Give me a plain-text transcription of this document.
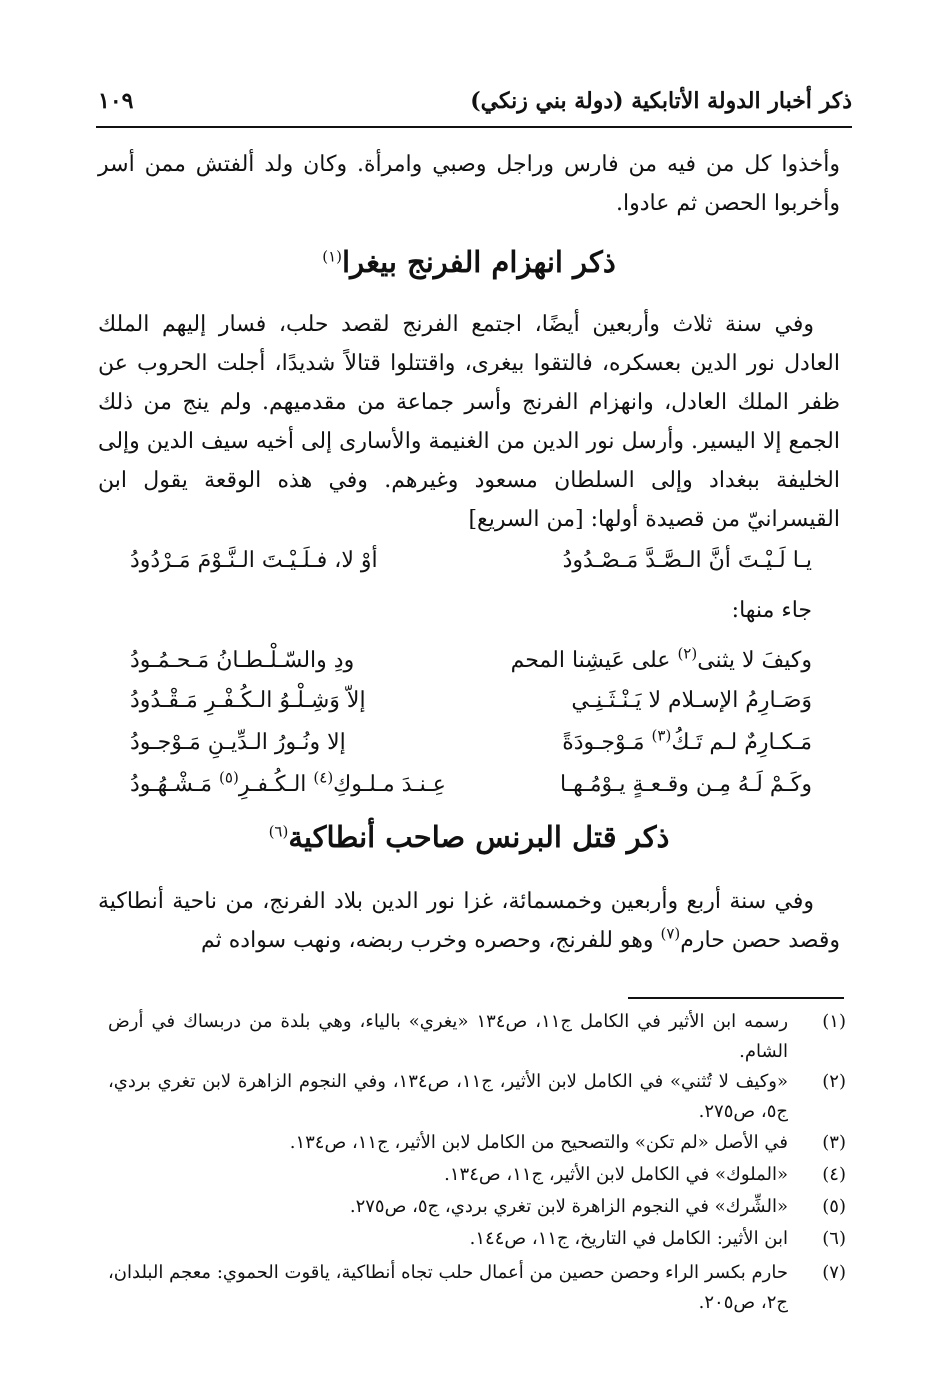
ذكر أخبار الدولة الأتابكية (دولة بني زنكي)
١٠٩
وأخذوا كل من فيه من فارس وراجل وصبي وامرأة. وكان ولد ألفتش ممن أسر وأخربوا الحصن ثم عادوا.
ذكر انهزام الفرنج بيغرا$^{(١)}$
وفي سنة ثلاث وأربعين أيضًا، اجتمع الفرنج لقصد حلب، فسار إليهم الملك العادل نور الدين بعسكره، فالتقوا بيغرى، واقتتلوا قتالاً شديدًا، أجلت الحروب عن ظفر الملك العادل، وانهزام الفرنج وأسر جماعة من مقدميهم. ولم ينج من ذلك الجمع إلا اليسير. وأرسل نور الدين من الغنيمة والأسارى إلى أخيه سيف الدين وإلى الخليفة ببغداد وإلى السلطان مسعود وغيرهم. وفي هذه الوقعة يقول ابن القيسرانيّ من قصيدة أولها: [من السريع]
يـا لَـيْـتَ أنَّ الـصَّـدَّ مَـصْـدُودُ
أوْ لا، فـلَـيْـتَ الـنَّـوْمَ مَـرْدُودُ
جاء منها:
وكيفَ لا يثنى$^{(٢)}$ على عَيشِنا المحم
ودِ والسّـلْـطـانُ مَـحـمُـودُ
وَصَـارِمُ الإسـلام لا يَـنْـثَـنِـي
إلاّ وَشِـلْـوُ الـكُـفْـرِ مَـقْـدُودُ
مَـكـارِمٌ لـم تَـكُ$^{(٣)}$ مَـوْجـودَةً
إلا ونُـورُ الـدِّيـنِ مَـوْجـودُ
وكَـمْ لَـهُ مِـن وقـعـةٍ يـوْمُـهـا
عِـنـدَ مـلـوكِ$^{(٤)}$ الـكُـفـرِ$^{(٥)}$ مَـشْـهُـودُ
ذكر قتل البرنس صاحب أنطاكية$^{(٦)}$
وفي سنة أربع وأربعين وخمسمائة، غزا نور الدين بلاد الفرنج، من ناحية أنطاكية وقصد حصن حارم$^{(٧)}$ وهو للفرنج، وحصره وخرب ربضه، ونهب سواده ثم
(١)
رسمه ابن الأثير في الكامل ج١١، ص١٣٤ «يغري» بالياء، وهي بلدة من دربساك في أرض الشام.
(٢)
«وكيف لا تُثني» في الكامل لابن الأثير، ج١١، ص١٣٤، وفي النجوم الزاهرة لابن تغري بردي، ج٥، ص٢٧٥.
(٣)
في الأصل «لم تكن» والتصحيح من الكامل لابن الأثير، ج١١، ص١٣٤.
(٤)
«الملوك» في الكامل لابن الأثير، ج١١، ص١٣٤.
(٥)
«الشِّرك» في النجوم الزاهرة لابن تغري بردي، ج٥، ص٢٧٥.
(٦)
ابن الأثير: الكامل في التاريخ، ج١١، ص١٤٤.
(٧)
حارم بكسر الراء وحصن حصين من أعمال حلب تجاه أنطاكية، ياقوت الحموي: معجم البلدان، ج٢، ص٢٠٥.
